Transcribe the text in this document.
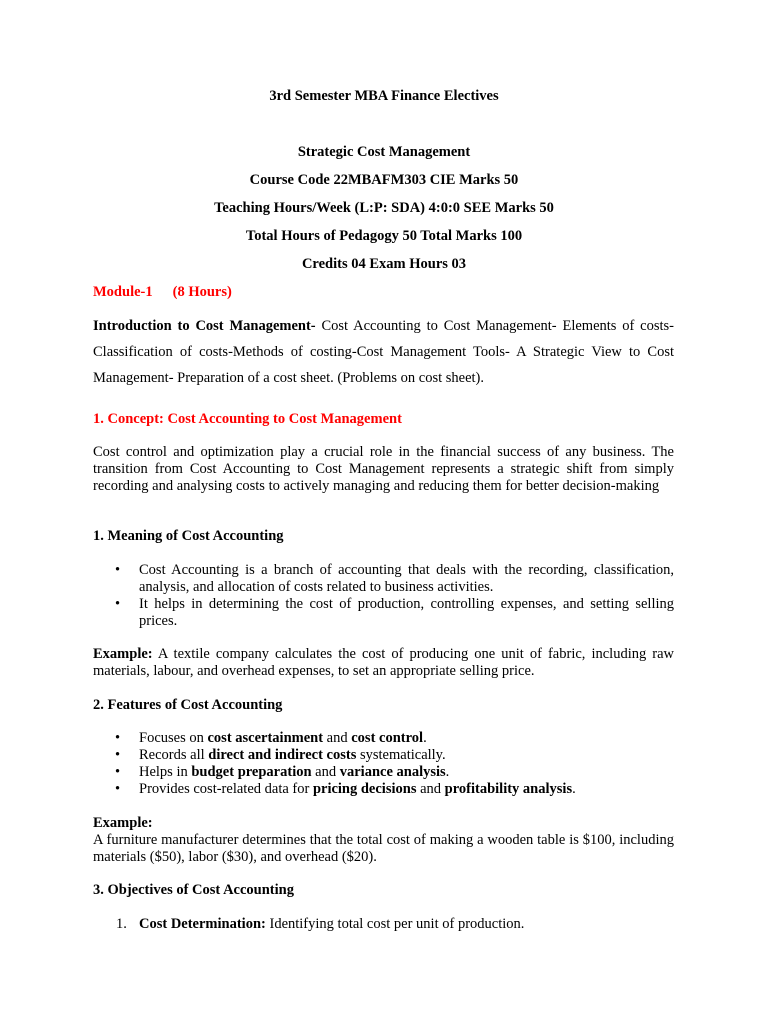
3rd Semester MBA Finance Electives

Strategic Cost Management

Course Code 22MBAFM303 CIE Marks 50

Teaching Hours/Week (L:P: SDA) 4:0:0 SEE Marks 50

Total Hours of Pedagogy 50 Total Marks 100

Credits 04 Exam Hours 03

Module-1 (8 Hours)

Introduction to Cost Management- Cost Accounting to Cost Management- Elements of costs- Classification of costs-Methods of costing-Cost Management Tools- A Strategic View to Cost Management- Preparation of a cost sheet. (Problems on cost sheet).

1. Concept: Cost Accounting to Cost Management

Cost control and optimization play a crucial role in the financial success of any business. The transition from Cost Accounting to Cost Management represents a strategic shift from simply recording and analysing costs to actively managing and reducing them for better decision-making

1. Meaning of Cost Accounting

• Cost Accounting is a branch of accounting that deals with the recording, classification, analysis, and allocation of costs related to business activities.
• It helps in determining the cost of production, controlling expenses, and setting selling prices.

Example: A textile company calculates the cost of producing one unit of fabric, including raw materials, labour, and overhead expenses, to set an appropriate selling price.

2. Features of Cost Accounting

• Focuses on cost ascertainment and cost control.
• Records all direct and indirect costs systematically.
• Helps in budget preparation and variance analysis.
• Provides cost-related data for pricing decisions and profitability analysis.

Example:

A furniture manufacturer determines that the total cost of making a wooden table is $100, including materials ($50), labor ($30), and overhead ($20).

3. Objectives of Cost Accounting

1. Cost Determination: Identifying total cost per unit of production.
